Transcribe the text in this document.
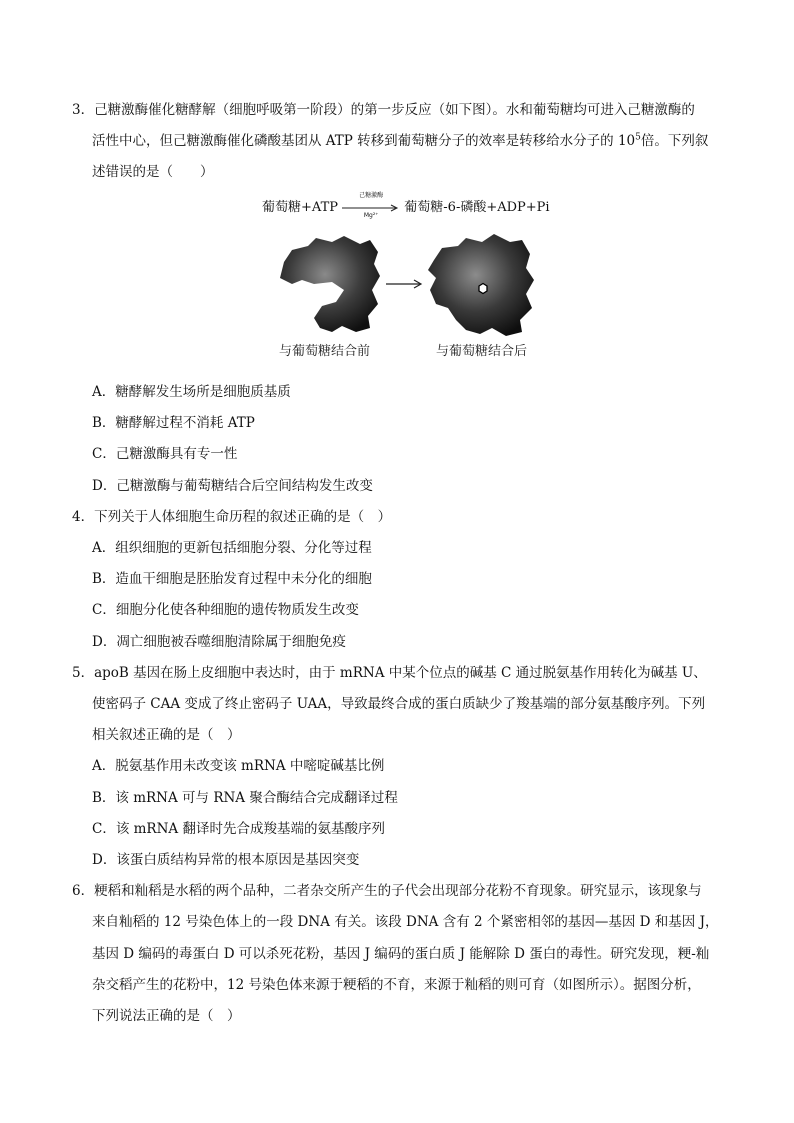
3．己糖激酶催化糖酵解（细胞呼吸第一阶段）的第一步反应（如下图）。水和葡萄糖均可进入己糖激酶的
活性中心，但己糖激酶催化磷酸基团从 ATP 转移到葡萄糖分子的效率是转移给水分子的 $10^5$倍。下列叙
述错误的是（　　）
葡萄糖+ATP
己糖激酶
Mg²⁺	葡萄糖-6-磷酸+ADP+Pi
与葡萄糖结合前	与葡萄糖结合后
A．糖酵解发生场所是细胞质基质
B．糖酵解过程不消耗 ATP
C．己糖激酶具有专一性
D．己糖激酶与葡萄糖结合后空间结构发生改变
4．下列关于人体细胞生命历程的叙述正确的是（　）
A．组织细胞的更新包括细胞分裂、分化等过程
B．造血干细胞是胚胎发育过程中未分化的细胞
C．细胞分化使各种细胞的遗传物质发生改变
D．凋亡细胞被吞噬细胞清除属于细胞免疫
5．apoB 基因在肠上皮细胞中表达时，由于 mRNA 中某个位点的碱基 C 通过脱氨基作用转化为碱基 U、
使密码子 CAA 变成了终止密码子 UAA，导致最终合成的蛋白质缺少了羧基端的部分氨基酸序列。下列
相关叙述正确的是（　）
A．脱氨基作用未改变该 mRNA 中嘧啶碱基比例
B．该 mRNA 可与 RNA 聚合酶结合完成翻译过程
C．该 mRNA 翻译时先合成羧基端的氨基酸序列
D．该蛋白质结构异常的根本原因是基因突变
6．粳稻和籼稻是水稻的两个品种，二者杂交所产生的子代会出现部分花粉不育现象。研究显示，该现象与
来自籼稻的 12 号染色体上的一段 DNA 有关。该段 DNA 含有 2 个紧密相邻的基因—基因 D 和基因 J，
基因 D 编码的毒蛋白 D 可以杀死花粉，基因 J 编码的蛋白质 J 能解除 D 蛋白的毒性。研究发现，粳-籼
杂交稻产生的花粉中，12 号染色体来源于粳稻的不育，来源于籼稻的则可育（如图所示）。据图分析，
下列说法正确的是（　）
